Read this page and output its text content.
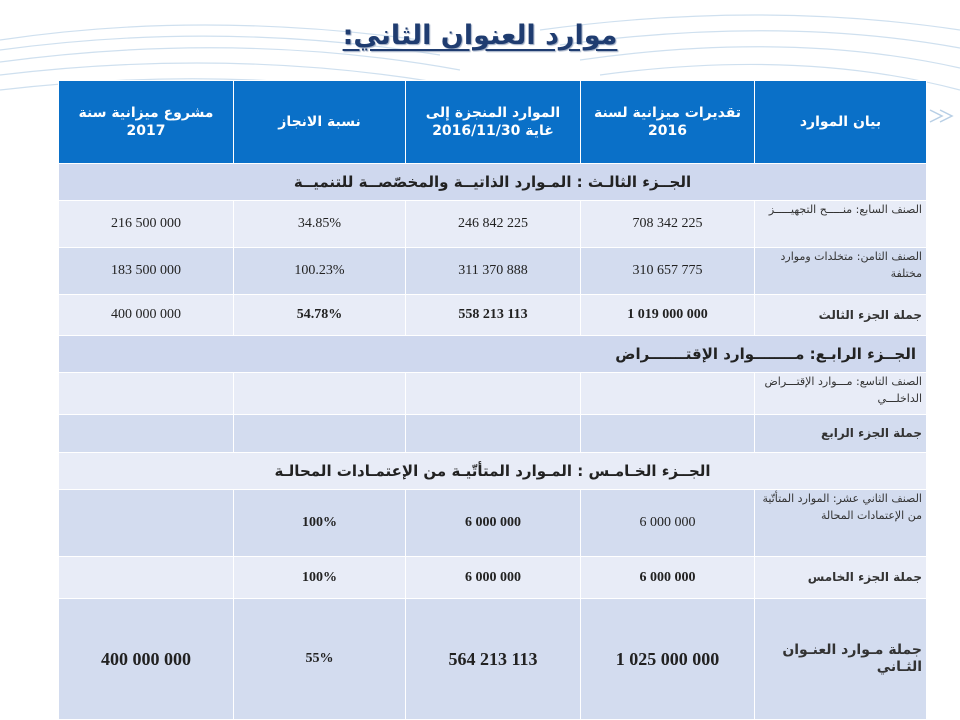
موارد العنوان الثاني:
بيان الموارد	تقديرات ميزانية لسنة 2016	الموارد المنجزة إلى غاية 2016/11/30	نسبة الانجاز	مشروع ميزانية سنة 2017
الجــزء الثالـث : المـوارد الذاتيــة والمخصّصــة للتنميــة				
الصنف السابع: منـــــح التجهيـــــز	708 342 225	246 842 225	34.85%	216 500 000
الصنف الثامن: متخلدات وموارد مختلفة	310 657 775	311 370 888	100.23%	183 500 000
جملة الجزء الثالث	1 019 000 000	558 213 113	54.78%	400 000 000
الجــزء الرابـع: مــــــــوارد الإقتـــــــراض				
الصنف التاسع: مـــوارد الإقتـــراض الداخلـــي				
جملة الجزء الرابع				
الجــزء الخـامـس : المـوارد المتأتّيـة من الإعتمـادات المحالـة				
الصنف الثاني عشر: الموارد المتأتّية من الإعتمادات المحالة	6 000 000	6 000 000	100%	
جملة الجزء الخامس	6 000 000	6 000 000	100%	
جملة مـوارد العنـوان الثـاني	1 025 000 000	564 213 113	55%	400 000 000
